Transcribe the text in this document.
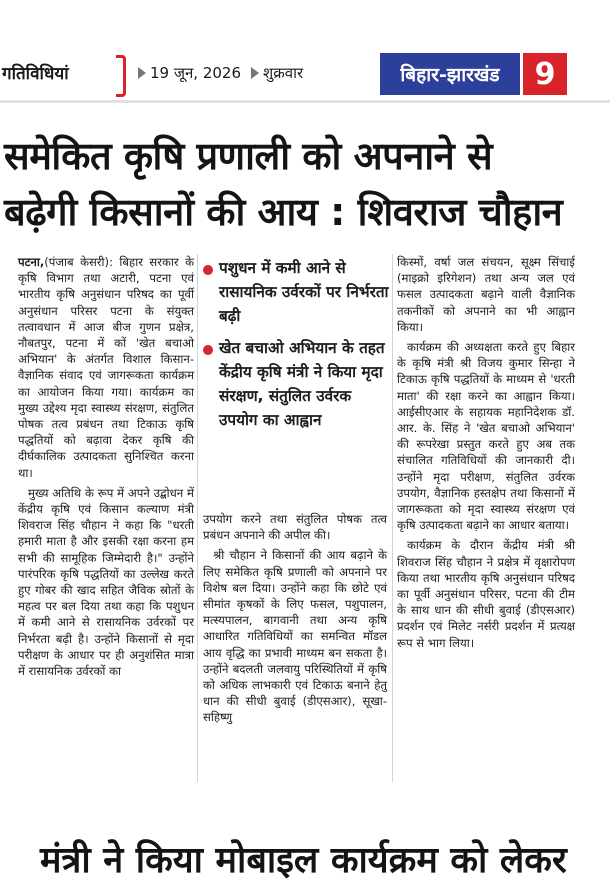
गतिविधियां	19 जून, 2026 शुक्रवार	बिहार-झारखंड	9
समेकित कृषि प्रणाली को अपनाने से
बढ़ेगी किसानों की आय : शिवराज चौहान

पटना,(पंजाब केसरी): बिहार सरकार के कृषि विभाग तथा अटारी, पटना एवं भारतीय कृषि अनुसंधान परिषद का पूर्वी अनुसंधान परिसर पटना के संयुक्त तत्वावधान में आज बीज गुणन प्रक्षेत्र, नौबतपुर, पटना में कों 'खेत बचाओ अभियान' के अंतर्गत विशाल किसान-वैज्ञानिक संवाद एवं जागरूकता कार्यक्रम का आयोजन किया गया। कार्यक्रम का मुख्य उद्देश्य मृदा स्वास्थ्य संरक्षण, संतुलित पोषक तत्व प्रबंधन तथा टिकाऊ कृषि पद्धतियों को बढ़ावा देकर कृषि की दीर्घकालिक उत्पादकता सुनिश्चित करना था।

मुख्य अतिथि के रूप में अपने उद्बोधन में केंद्रीय कृषि एवं किसान कल्याण मंत्री शिवराज सिंह चौहान ने कहा कि "धरती हमारी माता है और इसकी रक्षा करना हम सभी की सामूहिक जिम्मेदारी है।" उन्होंने पारंपरिक कृषि पद्धतियों का उल्लेख करते हुए गोबर की खाद सहित जैविक स्रोतों के महत्व पर बल दिया तथा कहा कि पशुधन में कमी आने से रासायनिक उर्वरकों पर निर्भरता बढ़ी है। उन्होंने किसानों से मृदा परीक्षण के आधार पर ही अनुशंसित मात्रा में रासायनिक उर्वरकों का

पशुधन में कमी आने से रासायनिक उर्वरकों पर निर्भरता बढ़ी
खेत बचाओ अभियान के तहत केंद्रीय कृषि मंत्री ने किया मृदा संरक्षण, संतुलित उर्वरक उपयोग का आह्वान

उपयोग करने तथा संतुलित पोषक तत्व प्रबंधन अपनाने की अपील की।

श्री चौहान ने किसानों की आय बढ़ाने के लिए समेकित कृषि प्रणाली को अपनाने पर विशेष बल दिया। उन्होंने कहा कि छोटे एवं सीमांत कृषकों के लिए फसल, पशुपालन, मत्स्यपालन, बागवानी तथा अन्य कृषि आधारित गतिविधियों का समन्वित मॉडल आय वृद्धि का प्रभावी माध्यम बन सकता है। उन्होंने बदलती जलवायु परिस्थितियों में कृषि को अधिक लाभकारी एवं टिकाऊ बनाने हेतु धान की सीधी बुवाई (डीएसआर), सूखा-सहिष्णु

किस्मों, वर्षा जल संचयन, सूक्ष्म सिंचाई (माइक्रो इरिगेशन) तथा अन्य जल एवं फसल उत्पादकता बढ़ाने वाली वैज्ञानिक तकनीकों को अपनाने का भी आह्वान किया।

कार्यक्रम की अध्यक्षता करते हुए बिहार के कृषि मंत्री श्री विजय कुमार सिन्हा ने टिकाऊ कृषि पद्धतियों के माध्यम से 'धरती माता' की रक्षा करने का आह्वान किया। आईसीएआर के सहायक महानिदेशक डॉ. आर. के. सिंह ने 'खेत बचाओ अभियान' की रूपरेखा प्रस्तुत करते हुए अब तक संचालित गतिविधियों की जानकारी दी। उन्होंने मृदा परीक्षण, संतुलित उर्वरक उपयोग, वैज्ञानिक हस्तक्षेप तथा किसानों में जागरूकता को मृदा स्वास्थ्य संरक्षण एवं कृषि उत्पादकता बढ़ाने का आधार बताया।

कार्यक्रम के दौरान केंद्रीय मंत्री श्री शिवराज सिंह चौहान ने प्रक्षेत्र में वृक्षारोपण किया तथा भारतीय कृषि अनुसंधान परिषद का पूर्वी अनुसंधान परिसर, पटना की टीम के साथ धान की सीधी बुवाई (डीएसआर) प्रदर्शन एवं मिलेट नर्सरी प्रदर्शन में प्रत्यक्ष रूप से भाग लिया।

मंत्री ने किया मोबाइल कार्यक्रम को लेकर
